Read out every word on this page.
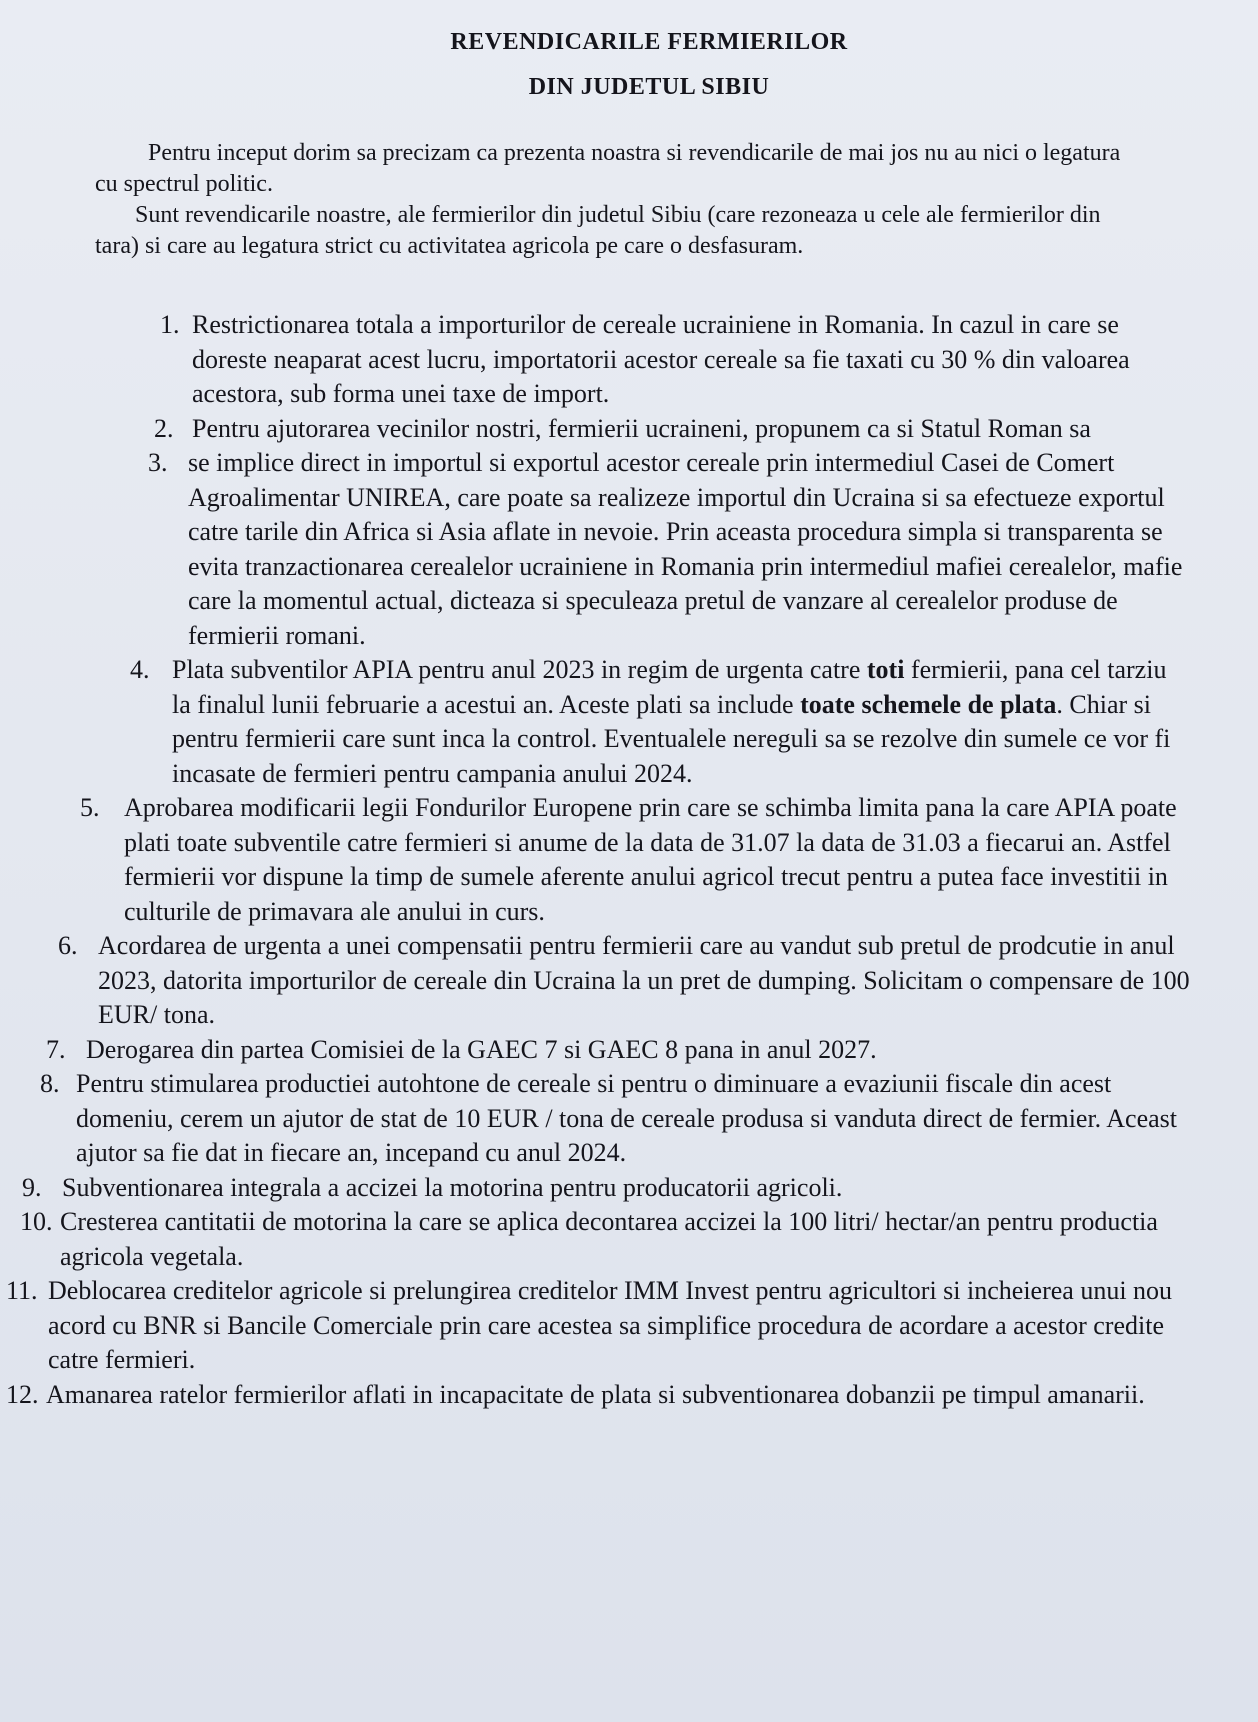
REVENDICARILE FERMIERILOR
DIN JUDETUL SIBIU

Pentru inceput dorim sa precizam ca prezenta noastra si revendicarile de mai jos nu au nici o legatura cu spectrul politic.

Sunt revendicarile noastre, ale fermierilor din judetul Sibiu (care rezoneaza u cele ale fermierilor din tara) si care au legatura strict cu activitatea agricola pe care o desfasuram.

1. Restrictionarea totala a importurilor de cereale ucrainiene in Romania. In cazul in care se doreste neaparat acest lucru, importatorii acestor cereale sa fie taxati cu 30 % din valoarea acestora, sub forma unei taxe de import.
2. Pentru ajutorarea vecinilor nostri, fermierii ucraineni, propunem ca si Statul Roman sa
3. se implice direct in importul si exportul acestor cereale prin intermediul Casei de Comert Agroalimentar UNIREA, care poate sa realizeze importul din Ucraina si sa efectueze exportul catre tarile din Africa si Asia aflate in nevoie. Prin aceasta procedura simpla si transparenta se evita tranzactionarea cerealelor ucrainiene in Romania prin intermediul mafiei cerealelor, mafie care la momentul actual, dicteaza si speculeaza pretul de vanzare al cerealelor produse de fermierii romani.
4. Plata subventilor APIA pentru anul 2023 in regim de urgenta catre toti fermierii, pana cel tarziu la finalul lunii februarie a acestui an. Aceste plati sa include toate schemele de plata. Chiar si pentru fermierii care sunt inca la control. Eventualele nereguli sa se rezolve din sumele ce vor fi incasate de fermieri pentru campania anului 2024.
5. Aprobarea modificarii legii Fondurilor Europene prin care se schimba limita pana la care APIA poate plati toate subventile catre fermieri si anume de la data de 31.07 la data de 31.03 a fiecarui an. Astfel fermierii vor dispune la timp de sumele aferente anului agricol trecut pentru a putea face investitii in culturile de primavara ale anului in curs.
6. Acordarea de urgenta a unei compensatii pentru fermierii care au vandut sub pretul de prodcutie in anul 2023, datorita importurilor de cereale din Ucraina la un pret de dumping. Solicitam o compensare de 100 EUR/ tona.
7. Derogarea din partea Comisiei de la GAEC 7 si GAEC 8 pana in anul 2027.
8. Pentru stimularea productiei autohtone de cereale si pentru o diminuare a evaziunii fiscale din acest domeniu, cerem un ajutor de stat de 10 EUR / tona de cereale produsa si vanduta direct de fermier. Aceast ajutor sa fie dat in fiecare an, incepand cu anul 2024.
9. Subventionarea integrala a accizei la motorina pentru producatorii agricoli.
10. Cresterea cantitatii de motorina la care se aplica decontarea accizei la 100 litri/ hectar/an pentru productia agricola vegetala.
11. Deblocarea creditelor agricole si prelungirea creditelor IMM Invest pentru agricultori si incheierea unui nou acord cu BNR si Bancile Comerciale prin care acestea sa simplifice procedura de acordare a acestor credite catre fermieri.
12. Amanarea ratelor fermierilor aflati in incapacitate de plata si subventionarea dobanzii pe timpul amanarii.
